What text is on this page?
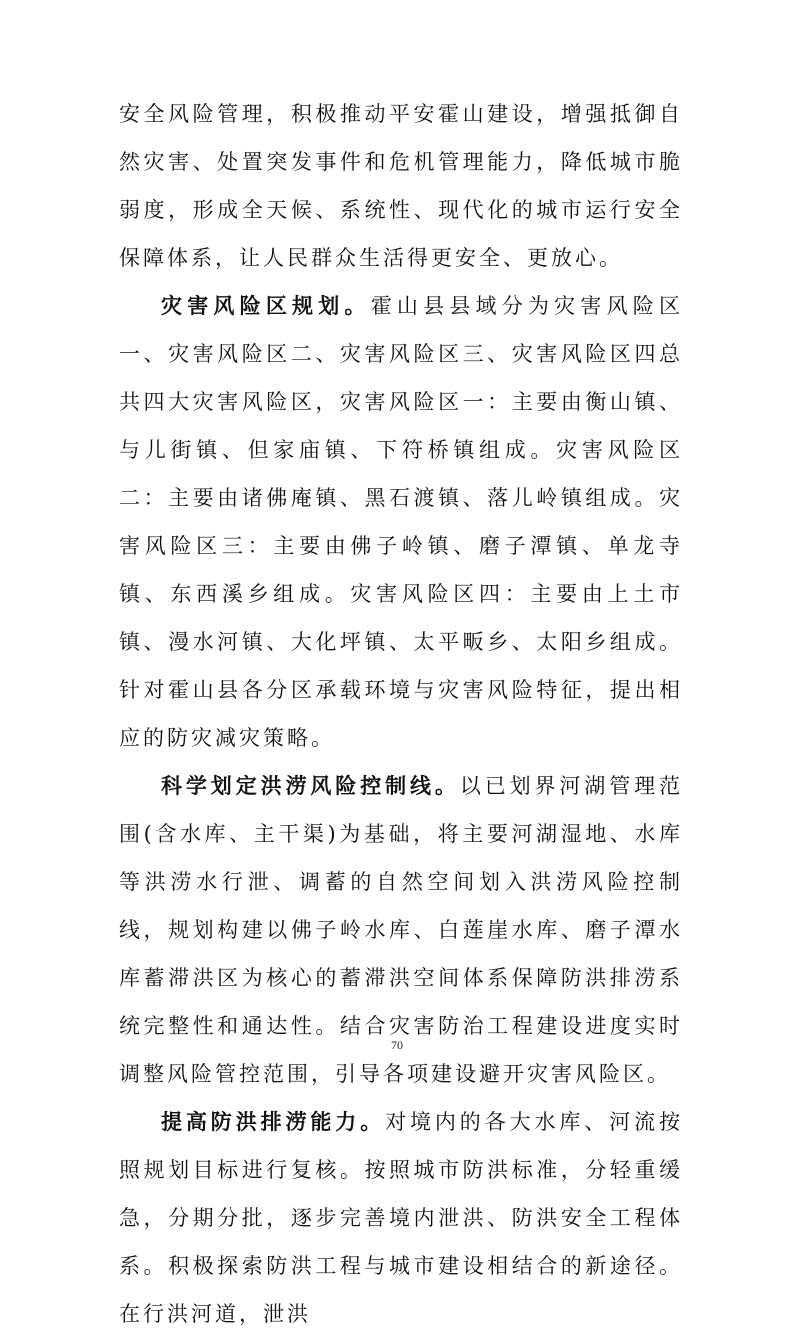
安全风险管理，积极推动平安霍山建设，增强抵御自然灾害、处置突发事件和危机管理能力，降低城市脆弱度，形成全天候、系统性、现代化的城市运行安全保障体系，让人民群众生活得更安全、更放心。

灾害风险区规划。霍山县县域分为灾害风险区一、灾害风险区二、灾害风险区三、灾害风险区四总共四大灾害风险区，灾害风险区一：主要由衡山镇、与儿街镇、但家庙镇、下符桥镇组成。灾害风险区二：主要由诸佛庵镇、黑石渡镇、落儿岭镇组成。灾害风险区三：主要由佛子岭镇、磨子潭镇、单龙寺镇、东西溪乡组成。灾害风险区四：主要由上土市镇、漫水河镇、大化坪镇、太平畈乡、太阳乡组成。针对霍山县各分区承载环境与灾害风险特征，提出相应的防灾减灾策略。

科学划定洪涝风险控制线。以已划界河湖管理范围(含水库、主干渠)为基础，将主要河湖湿地、水库等洪涝水行泄、调蓄的自然空间划入洪涝风险控制线，规划构建以佛子岭水库、白莲崖水库、磨子潭水库蓄滞洪区为核心的蓄滞洪空间体系保障防洪排涝系统完整性和通达性。结合灾害防治工程建设进度实时调整风险管控范围，引导各项建设避开灾害风险区。

提高防洪排涝能力。对境内的各大水库、河流按照规划目标进行复核。按照城市防洪标准，分轻重缓急，分期分批，逐步完善境内泄洪、防洪安全工程体系。积极探索防洪工程与城市建设相结合的新途径。在行洪河道，泄洪

70
